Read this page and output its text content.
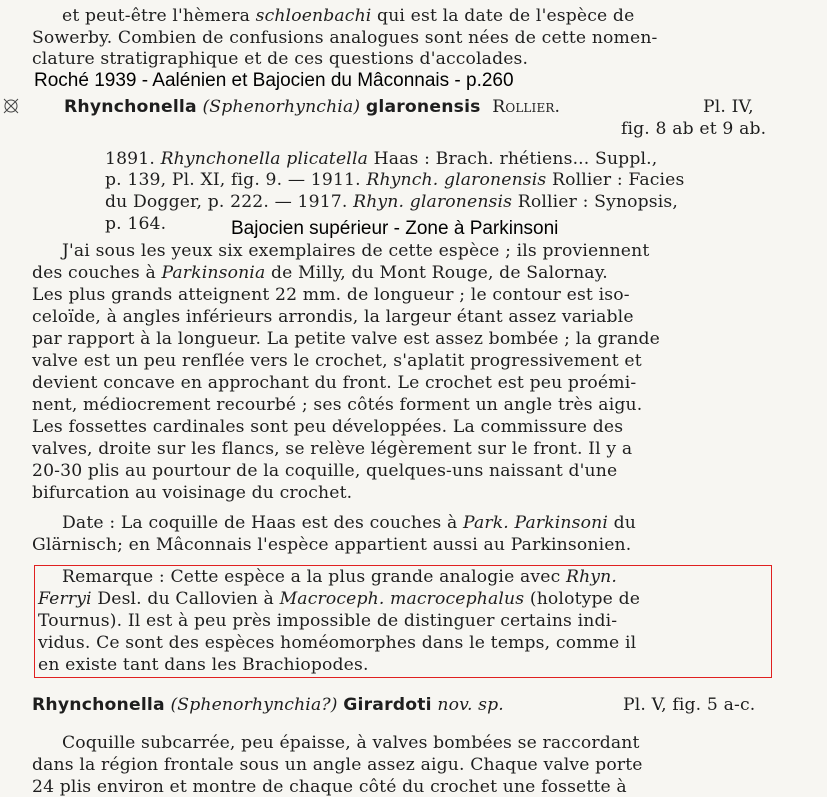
et peut-être l'hèmera schloenbachi qui est la date de l'espèce de
Sowerby. Combien de confusions analogues sont nées de cette nomen-
clature stratigraphique et de ces questions d'accolades.
Roché 1939 - Aalénien et Bajocien du Mâconnais - p.260
Rhynchonella (Sphenorhynchia) glaronensis Rollier.	Pl. IV,
fig. 8 ab et 9 ab.
1891. Rhynchonella plicatella Haas : Brach. rhétiens... Suppl.,
p. 139, Pl. XI, fig. 9. — 1911. Rhynch. glaronensis Rollier : Facies
du Dogger, p. 222. — 1917. Rhyn. glaronensis Rollier : Synopsis,
p. 164.	Bajocien supérieur - Zone à Parkinsoni
J'ai sous les yeux six exemplaires de cette espèce ; ils proviennent
des couches à Parkinsonia de Milly, du Mont Rouge, de Salornay.
Les plus grands atteignent 22 mm. de longueur ; le contour est iso-
celoïde, à angles inférieurs arrondis, la largeur étant assez variable
par rapport à la longueur. La petite valve est assez bombée ; la grande
valve est un peu renflée vers le crochet, s'aplatit progressivement et
devient concave en approchant du front. Le crochet est peu proémi-
nent, médiocrement recourbé ; ses côtés forment un angle très aigu.
Les fossettes cardinales sont peu développées. La commissure des
valves, droite sur les flancs, se relève légèrement sur le front. Il y a
20-30 plis au pourtour de la coquille, quelques-uns naissant d'une
bifurcation au voisinage du crochet.
Date : La coquille de Haas est des couches à Park. Parkinsoni du
Glärnisch; en Mâconnais l'espèce appartient aussi au Parkinsonien.
Remarque : Cette espèce a la plus grande analogie avec Rhyn.
Ferryi Desl. du Callovien à Macroceph. macrocephalus (holotype de
Tournus). Il est à peu près impossible de distinguer certains indi-
vidus. Ce sont des espèces homéomorphes dans le temps, comme il
en existe tant dans les Brachiopodes.
Rhynchonella (Sphenorhynchia?) Girardoti nov. sp.	Pl. V, fig. 5 a-c.
Coquille subcarrée, peu épaisse, à valves bombées se raccordant
dans la région frontale sous un angle assez aigu. Chaque valve porte
24 plis environ et montre de chaque côté du crochet une fossette à
